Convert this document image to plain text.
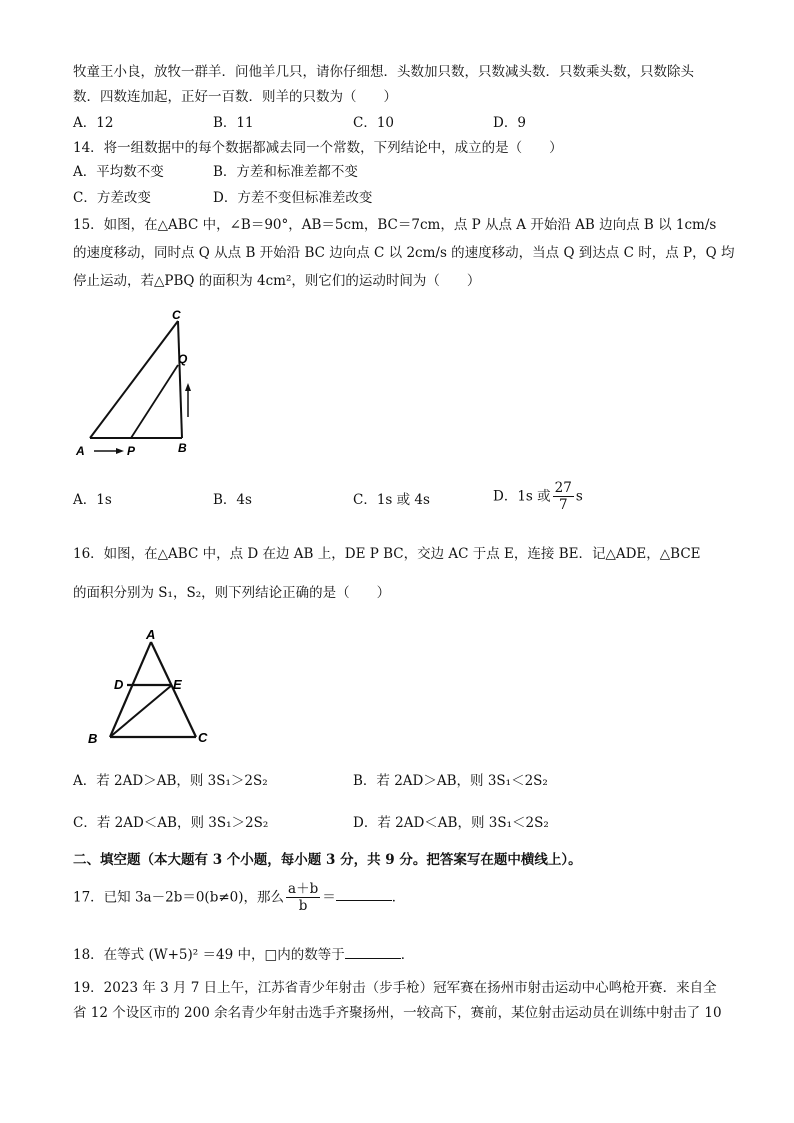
牧童王小良，放牧一群羊．问他羊几只，请你仔细想．头数加只数，只数减头数．只数乘头数，只数除头
数．四数连加起，正好一百数．则羊的只数为（　　）
A．12	B．11	C．10	D．9
14．将一组数据中的每个数据都减去同一个常数，下列结论中，成立的是（　　）
A．平均数不变	B．方差和标准差都不变
C．方差改变	D．方差不变但标准差改变
15．如图，在△ABC 中，∠B＝90°，AB＝5cm，BC＝7cm，点 P 从点 A 开始沿 AB 边向点 B 以 1cm/s
的速度移动，同时点 Q 从点 B 开始沿 BC 边向点 C 以 2cm/s 的速度移动，当点 Q 到达点 C 时，点 P，Q 均
停止运动，若△PBQ 的面积为 4cm²，则它们的运动时间为（　　）
C
Q
A	P	B
A．1s	B．4s	C．1s 或 4s	D．1s 或 $\frac{27}{7}$ s
16．如图，在△ABC 中，点 D 在边 AB 上，DE P BC，交边 AC 于点 E，连接 BE．记△ADE，△BCE
的面积分别为 S₁，S₂，则下列结论正确的是（　　）
A
D	E
B	C
A．若 2AD＞AB，则 3S₁＞2S₂	B．若 2AD＞AB，则 3S₁＜2S₂
C．若 2AD＜AB，则 3S₁＞2S₂	D．若 2AD＜AB，则 3S₁＜2S₂
二、填空题（本大题有 3 个小题，每小题 3 分，共 9 分。把答案写在题中横线上）。
17．已知 3a－2b＝0(b≠0)，那么 $\frac{a+b}{b}$ ＝	．
18．在等式 (W+5)² ＝49 中，□内的数等于	．
19．2023 年 3 月 7 日上午，江苏省青少年射击（步手枪）冠军赛在扬州市射击运动中心鸣枪开赛．来自全
省 12 个设区市的 200 余名青少年射击选手齐聚扬州，一较高下，赛前，某位射击运动员在训练中射击了 10
